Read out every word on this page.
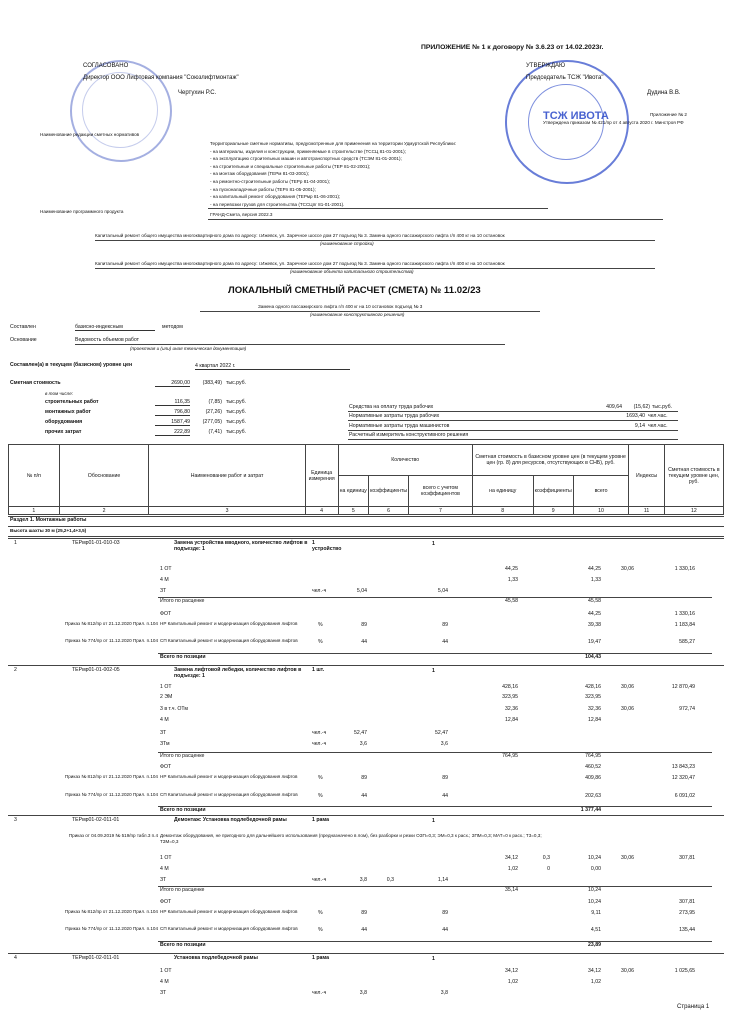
ПРИЛОЖЕНИЕ № 1 к договору № 3.6.23 от 14.02.2023г.
СОГЛАСОВАНО
Директор ООО Лифтовая компания "Союзлифтмонтаж"
Чертухин Р.С.
ТСЖ ИВОТА
УТВЕРЖДАЮ
Председатель ТСЖ "Ивота"
Дудина В.В.
Приложение № 2
Утверждена приказом № 421/пр от 4 августа 2020 г. Минстроя РФ
Наименование редакции сметных нормативов
Территориальные сметные нормативы, предусмотренные для применения на территории Удмуртской Республики:
- на материалы, изделия и конструкции, применяемые в строительстве (ТССЦ 81-01-2001);
- на эксплуатацию строительных машин и автотранспортных средств (ТСЭМ 81-01-2001);
- на строительные и специальные строительные работы (ТЕР 81-02-2001);
- на монтаж оборудования (ТЕРм 81-03-2001);
- на ремонтно-строительные работы (ТЕРр 81-04-2001);
- на пусконаладочные работы (ТЕРп 81-05-2001);
- на капитальный ремонт оборудования (ТЕРмр 81-06-2001);
- на перевозки грузов для строительства (ТССЦпг 81-01-2001).
Наименование программного продукта
ГРАНД-Смета, версия 2022.3
Капитальный ремонт общего имущества многоквартирного дома по адресу: г.Ижевск, ул. Заречное шоссе дом 27 подъезд № 3. Замена одного пассажирского лифта г/п 400 кг на 10 остановок
(наименование стройки)
Капитальный ремонт общего имущества многоквартирного дома по адресу: г.Ижевск, ул. Заречное шоссе дом 27 подъезд № 3. Замена одного пассажирского лифта г/п 400 кг на 10 остановок
(наименование объекта капитального строительства)
ЛОКАЛЬНЫЙ СМЕТНЫЙ РАСЧЕТ (СМЕТА) № 11.02/23
Замена одного пассажирского лифта г/п 400 кг на 10 остановок подъезд № 3
(наименование конструктивного решения)
Составлен	базисно-индексным	методом
Основание	Ведомость объемов работ
(проектная и (или) иная техническая документация)
Составлен(а) в текущем (базисном) уровне цен	4 квартал 2022 г.
Сметная стоимость	2690,00	(383,49) тыс.руб.
в том числе:
строительных работ	116,35	(7,85) тыс.руб.
монтажных работ	796,80	(27,26) тыс.руб.
оборудования	1587,49	(277,05) тыс.руб.
прочих затрат	222,89	(7,41) тыс.руб.
Средства на оплату труда рабочих	409,64	(15,62) тыс.руб.
Нормативные затраты труда рабочих	1693,40 чел.час.
Нормативные затраты труда машинистов	9,14 чел.час.
Расчетный измеритель конструктивного решения
№ п/п	Обоснование	Наименование работ и затрат	Единица измерения	Количество			Сметная стоимость в базисном уровне цен (в текущем уровне цен (гр. 8) для ресурсов, отсутствующих в СНБ), руб.			Индексы	Сметная стоимость в текущем уровне цен, руб.
				на единицу	коэффициенты	всего с учетом коэффициентов	на единицу	коэффициенты	всего		
1	2	3	4	5	6	7	8	9	10	11	12
Раздел 1. Монтажные работы
Высота шахты 30 м (25,2+1,4+3,5)
1	ТЕРмр01-01-010-03	Замена устройства вводного, количество лифтов в подъезде: 1
1 устройство
1
1 ОТ	44,25	44,25	30,06	1 330,16
4 М	1,33	1,33
ЗТ	чел.-ч	5,04	5,04
Итого по расценке	45,58	45,58
ФОТ	44,25	1 330,16
Приказ № 812/пр от 21.12.2020 Прил. п.104 НР Капитальный ремонт и модернизация оборудования лифтов	%	89	89	39,38	1 183,84
Приказ № 774/пр от 11.12.2020 Прил. п.104 СП Капитальный ремонт и модернизация оборудования лифтов	%	44	44	19,47	585,27
Всего по позиции	104,43
2	ТЕРмр01-01-002-05	Замена лифтовой лебедки, количество лифтов в подъезде: 1
1 шт.	1
1 ОТ	428,16	428,16	30,06	12 870,49
2 ЭМ	323,95	323,95
3 в т.ч. ОТм	32,36	32,36	30,06	972,74
4 М	12,84	12,84
ЗТ	чел.-ч	52,47	52,47
ЗТм	чел.-ч	3,6	3,6
Итого по расценке	764,95	764,95
ФОТ	460,52	13 843,23
Приказ № 812/пр от 21.12.2020 Прил. п.104 НР Капитальный ремонт и модернизация оборудования лифтов	%	89	89	409,86	12 320,47
Приказ № 774/пр от 11.12.2020 Прил. п.104 СП Капитальный ремонт и модернизация оборудования лифтов	%	44	44	202,63	6 091,02
Всего по позиции	1 377,44
3	ТЕРмр01-02-011-01	Демонтаж: Установка подлебедочной рамы	1 рама	1
Приказ от 04.09.2019 № 519/пр табл.3 п.4 Демонтаж оборудования, не пригодного для дальнейшего использования (предназначено в лом), без разборки и резки ОЗП=0,3; ЭМ=0,3 к расх.; ЗПМ=0,3; МАТ=0 к расх.; Т3=0,3;
ТЗМ=0,3
1 ОТ	34,12	0,3	10,24	30,06	307,81
4 М	1,02	0	0,00
ЗТ	чел.-ч	3,8	0,3	1,14
Итого по расценке	35,14	10,24
ФОТ	10,24	307,81
Приказ № 812/пр от 21.12.2020 Прил. п.104 НР Капитальный ремонт и модернизация оборудования лифтов	%	89	89	9,11	273,95
Приказ № 774/пр от 11.12.2020 Прил. п.104 СП Капитальный ремонт и модернизация оборудования лифтов	%	44	44	4,51	135,44
Всего по позиции	23,89
4	ТЕРмр01-02-011-01	Установка подлебедочной рамы	1 рама	1
1 ОТ	34,12	34,12	30,06	1 025,65
4 М	1,02	1,02
ЗТ	чел.-ч	3,8	3,8
Страница 1
